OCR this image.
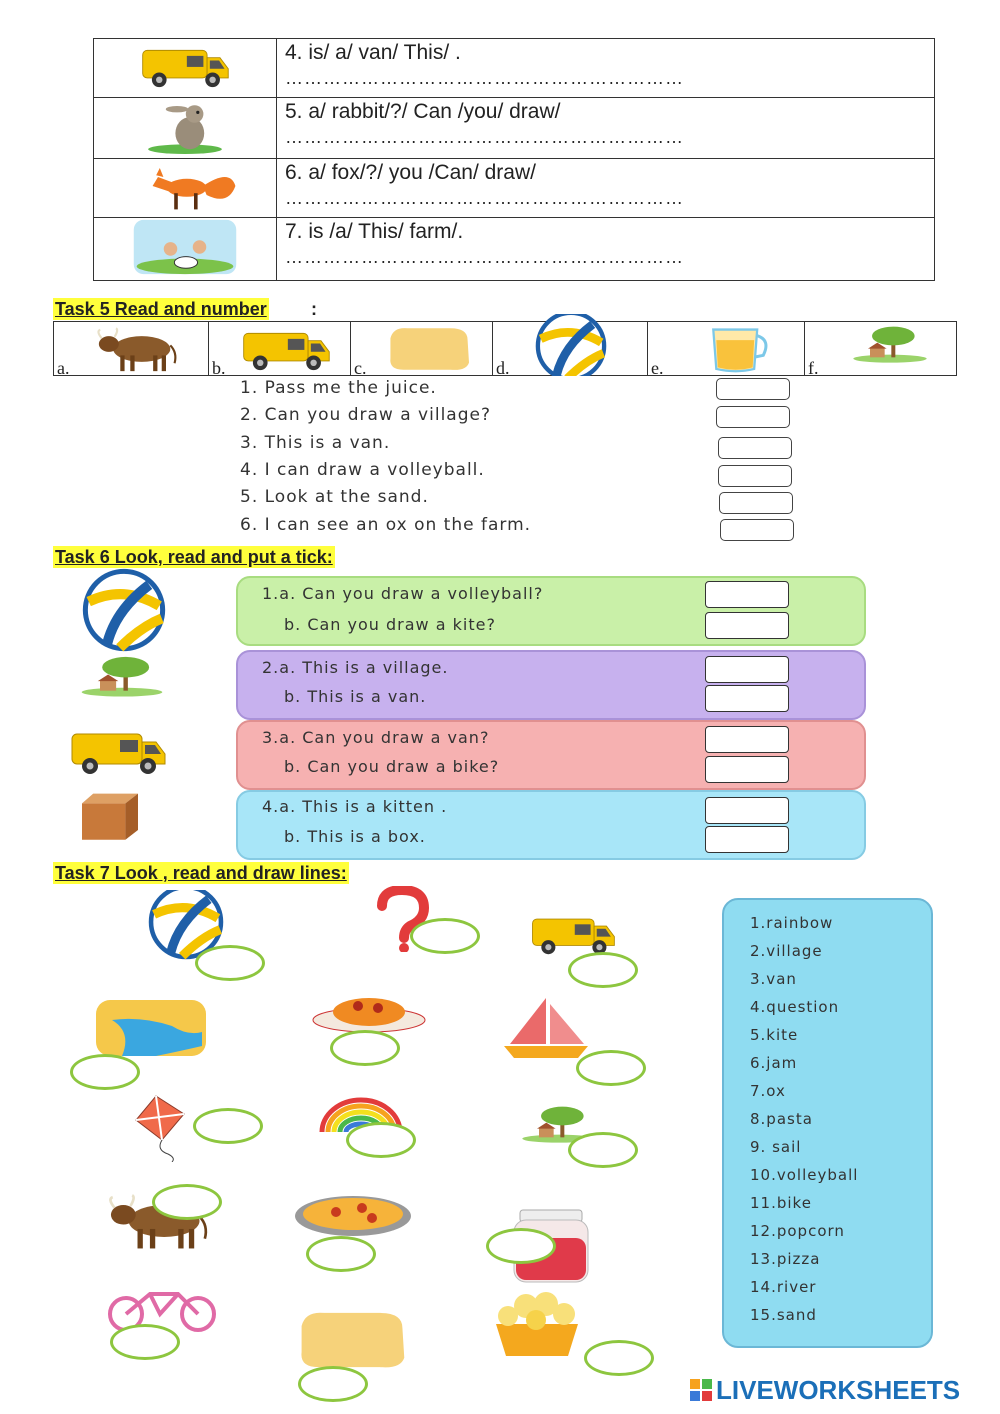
4. is/ a/ van/ This/ .
………………………………………………………

5. a/ rabbit/?/ Can /you/ draw/
………………………………………………………

6. a/ fox/?/ you /Can/ draw/
………………………………………………………

7. is /a/ This/ farm/.
………………………………………………………
Task 5 Read and number :
a.	b.	c.	d.	e.	f.
1. Pass me the juice.
2. Can you draw a village?
3. This is a van.
4. I can draw a volleyball.
5. Look at the sand.
6. I can see an ox on the farm.
Task 6 Look, read and put a tick:
1.a. Can you draw a volleyball?
b. Can you draw a kite?
2.a. This is a village.
b. This is a van.
3.a. Can you draw a van?
b. Can you draw a bike?
4.a. This is a kitten .
b. This is a box.
Task 7 Look , read and draw lines:
1.rainbow
2.village
3.van
4.question
5.kite
6.jam
7.ox
8.pasta
9. sail
10.volleyball
11.bike
12.popcorn
13.pizza
14.river
15.sand
LIVEWORKSHEETS
